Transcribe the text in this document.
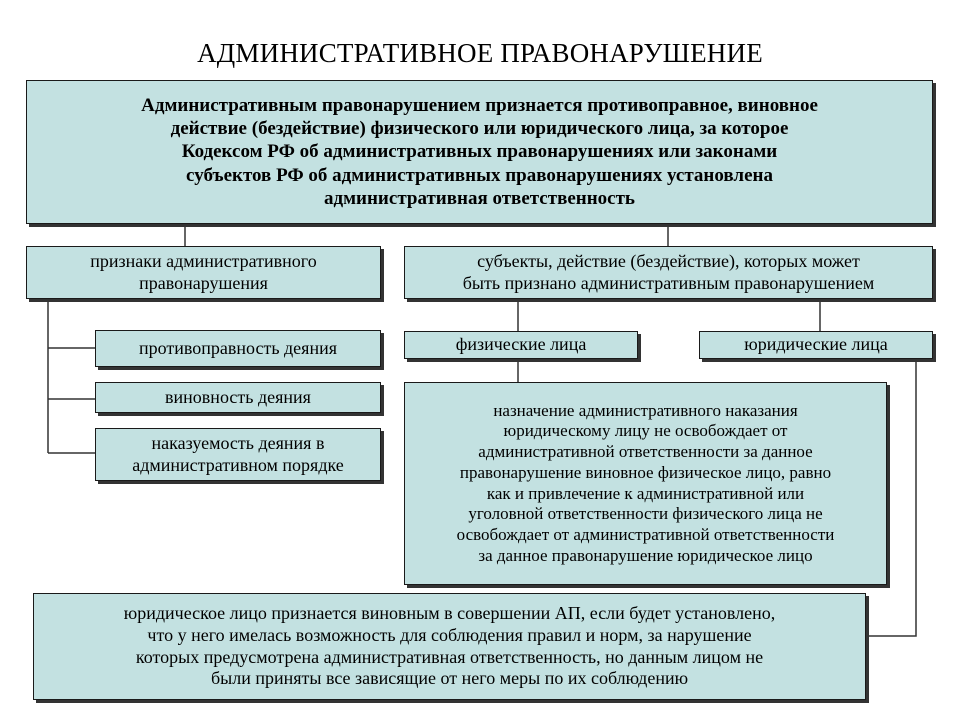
АДМИНИСТРАТИВНОЕ ПРАВОНАРУШЕНИЕ
Административным правонарушением признается противоправное, виновное
действие (бездействие) физического или юридического лица, за которое
Кодексом РФ об административных правонарушениях или законами
субъектов РФ об административных правонарушениях установлена
административная ответственность
признаки административного
правонарушения
противоправность деяния
виновность деяния
наказуемость деяния в
административном порядке
субъекты, действие (бездействие), которых может
быть признано административным правонарушением
физические лица	юридические лица
назначение административного наказания
юридическому лицу не освобождает от
административной ответственности за данное
правонарушение виновное физическое лицо, равно
как и привлечение к административной или
уголовной ответственности физического лица не
освобождает от административной ответственности
за данное правонарушение юридическое лицо
юридическое лицо признается виновным в совершении АП, если будет установлено,
что у него имелась возможность для соблюдения правил и норм, за нарушение
которых предусмотрена административная ответственность, но данным лицом не
были приняты все зависящие от него меры по их соблюдению
